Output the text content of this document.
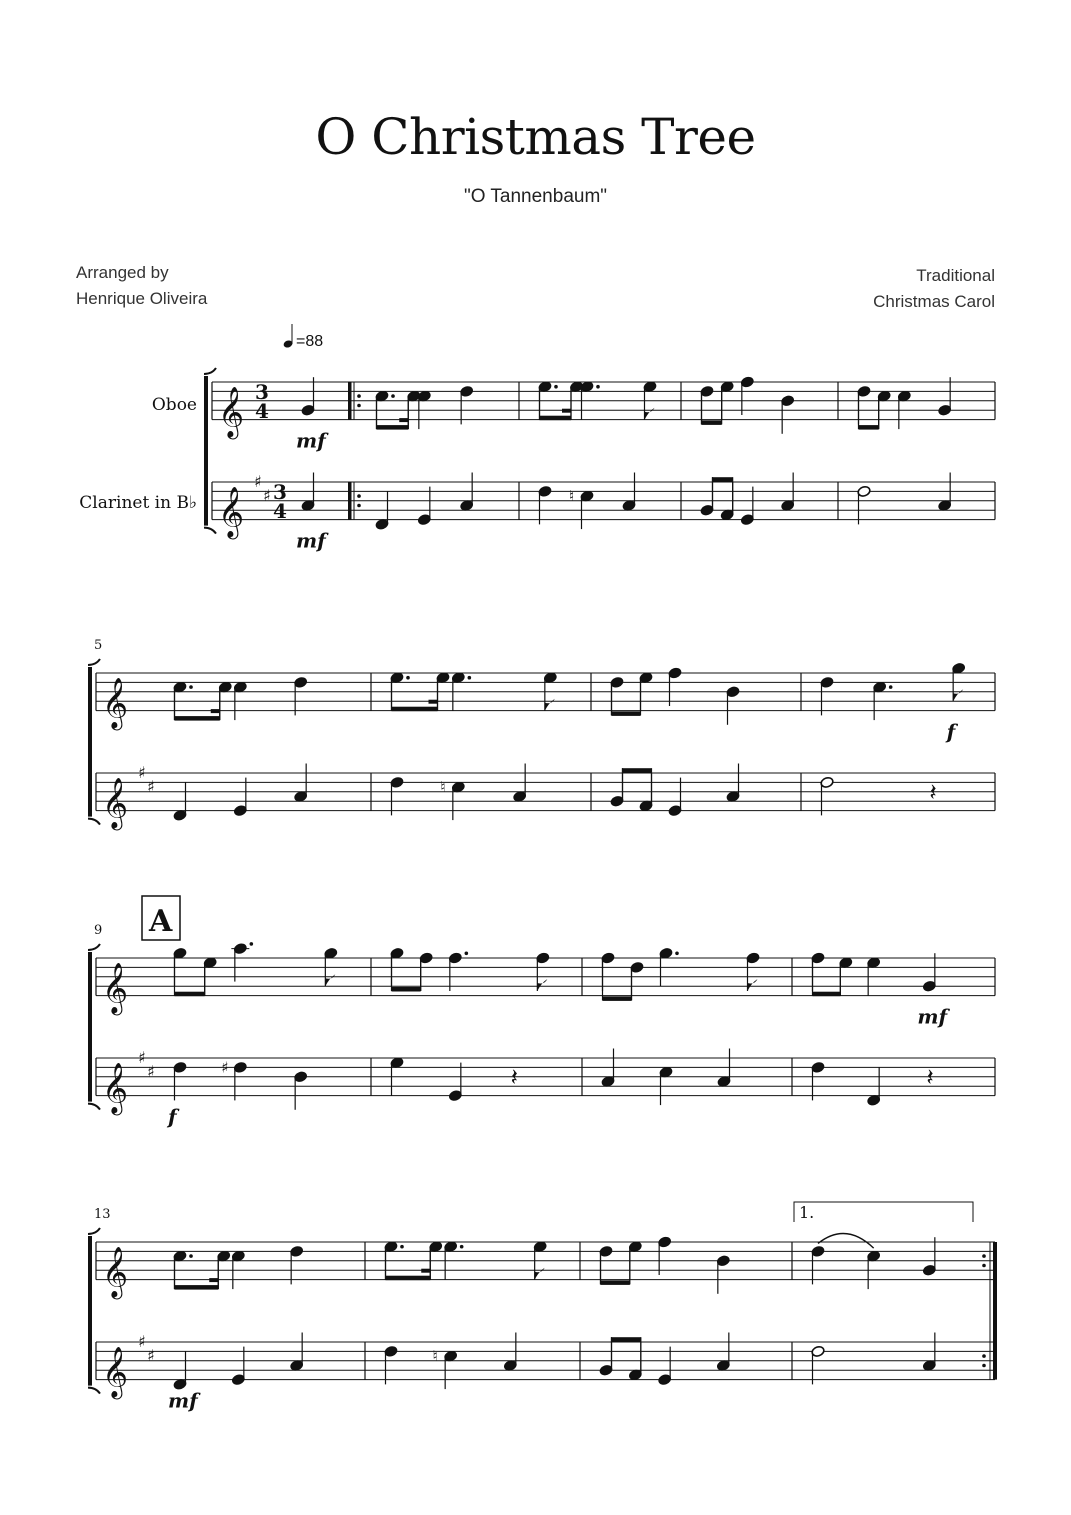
O Christmas Tree
"O Tannenbaum"
Arranged by
Henrique Oliveira
Traditional
Christmas Carol
𝄞
𝄞
♯
♯
3
4
3
4
mf
mf
♮
5
𝄞
𝄞
♯
♯	♮
f
𝄽
9
𝄞
𝄞
♯
♯
f
♯	𝄽
mf
𝄽
A
13
𝄞
𝄞
♯
♯
mf
♮
1.
Oboe
Clarinet in B♭
=88
